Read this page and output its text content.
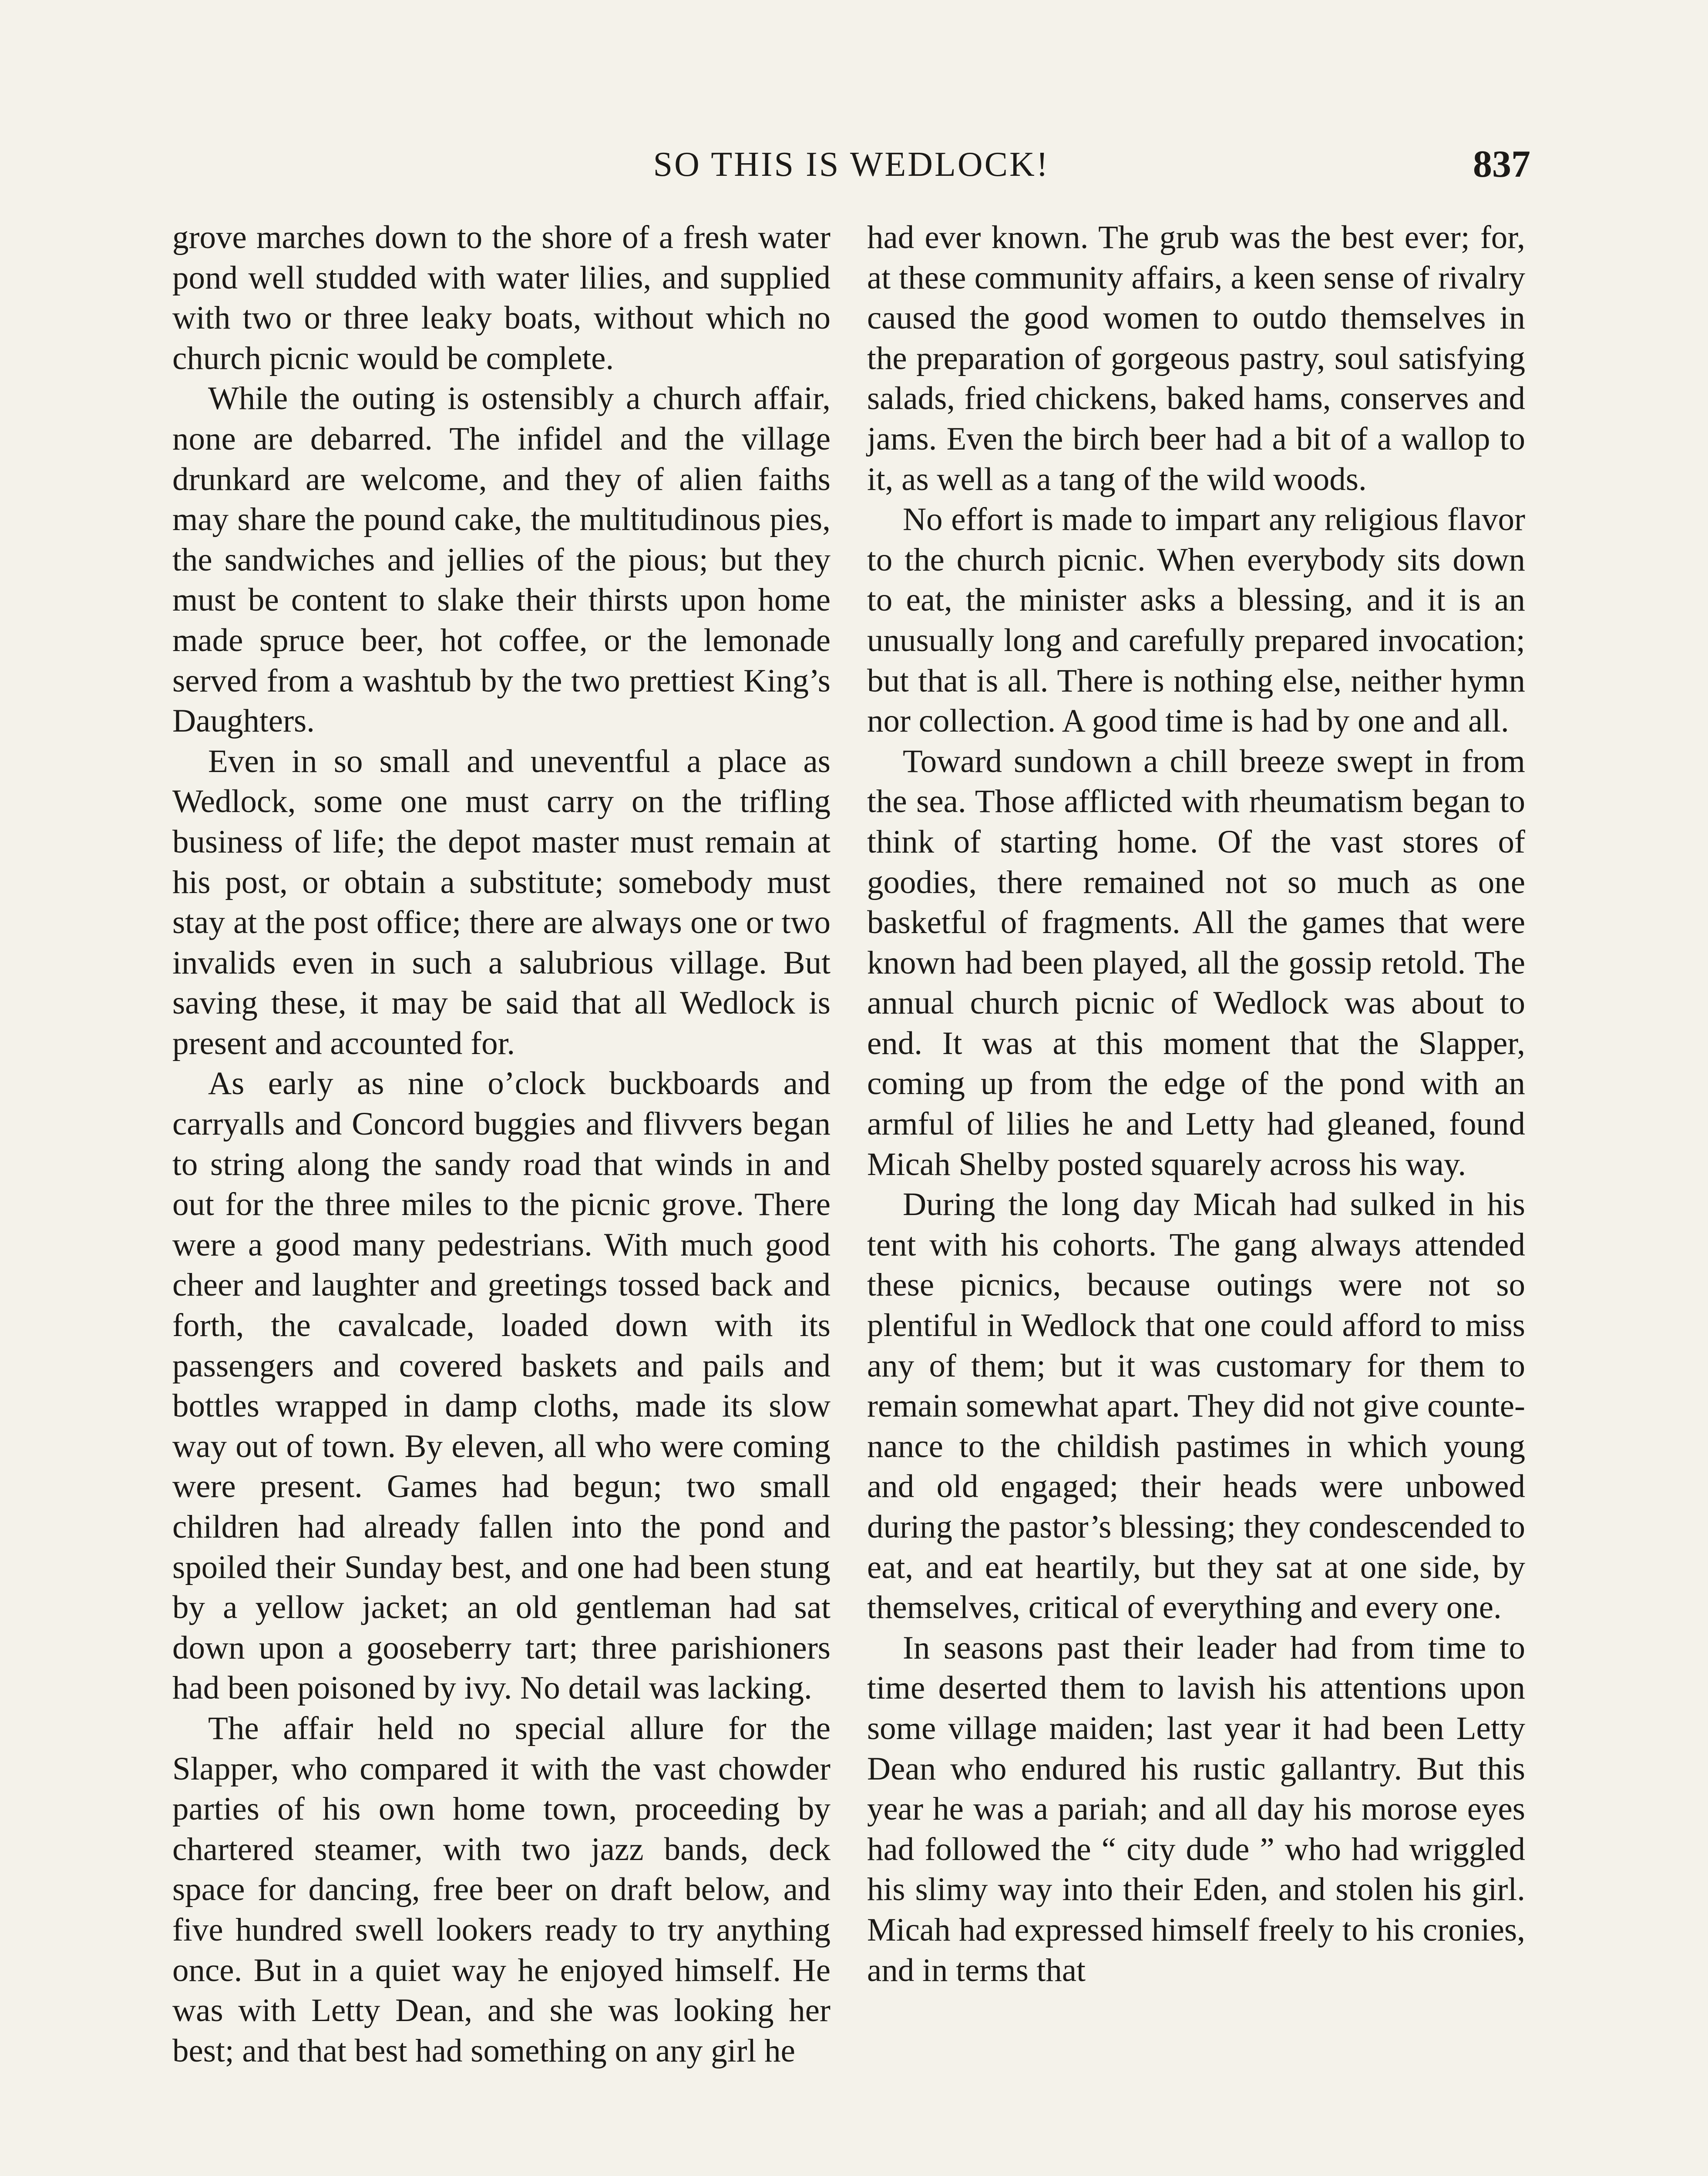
SO THIS IS WEDLOCK!	837

grove marches down to the shore of a fresh water pond well studded with water lilies, and supplied with two or three leaky boats, without which no church picnic would be complete.

While the outing is ostensibly a church affair, none are debarred. The infidel and the village drunkard are welcome, and they of alien faiths may share the pound cake, the multitudinous pies, the sandwiches and jellies of the pious; but they must be content to slake their thirsts upon home made spruce beer, hot coffee, or the lemonade served from a washtub by the two prettiest King’s Daughters.

Even in so small and uneventful a place as Wedlock, some one must carry on the trifling business of life; the depot master must remain at his post, or obtain a substitute; somebody must stay at the post office; there are always one or two invalids even in such a salubrious village. But saving these, it may be said that all Wedlock is present and accounted for.

As early as nine o’clock buckboards and carryalls and Concord buggies and flivvers began to string along the sandy road that winds in and out for the three miles to the picnic grove. There were a good many pedestrians. With much good cheer and laughter and greetings tossed back and forth, the cavalcade, loaded down with its passengers and covered baskets and pails and bottles wrapped in damp cloths, made its slow way out of town. By eleven, all who were coming were present. Games had begun; two small children had already fallen into the pond and spoiled their Sunday best, and one had been stung by a yellow jacket; an old gentleman had sat down upon a gooseberry tart; three parishioners had been poisoned by ivy. No detail was lacking.

The affair held no special allure for the Slapper, who compared it with the vast chowder parties of his own home town, proceeding by chartered steamer, with two jazz bands, deck space for dancing, free beer on draft below, and five hundred swell lookers ready to try anything once. But in a quiet way he enjoyed himself. He was with Letty Dean, and she was looking her best; and that best had something on any girl he

had ever known. The grub was the best ever; for, at these community affairs, a keen sense of rivalry caused the good women to outdo themselves in the preparation of gorgeous pastry, soul satisfying salads, fried chickens, baked hams, conserves and jams. Even the birch beer had a bit of a wallop to it, as well as a tang of the wild woods.

No effort is made to impart any religious flavor to the church picnic. When everybody sits down to eat, the minister asks a blessing, and it is an unusually long and carefully prepared invocation; but that is all. There is nothing else, neither hymn nor collection. A good time is had by one and all.

Toward sundown a chill breeze swept in from the sea. Those afflicted with rheumatism began to think of starting home. Of the vast stores of goodies, there remained not so much as one basketful of fragments. All the games that were known had been played, all the gossip retold. The annual church picnic of Wedlock was about to end. It was at this moment that the Slapper, coming up from the edge of the pond with an armful of lilies he and Letty had gleaned, found Micah Shelby posted squarely across his way.

During the long day Micah had sulked in his tent with his cohorts. The gang always attended these picnics, because outings were not so plentiful in Wedlock that one could afford to miss any of them; but it was customary for them to remain somewhat apart. They did not give countenance to the childish pastimes in which young and old engaged; their heads were unbowed during the pastor’s blessing; they condescended to eat, and eat heartily, but they sat at one side, by themselves, critical of everything and every one.

In seasons past their leader had from time to time deserted them to lavish his attentions upon some village maiden; last year it had been Letty Dean who endured his rustic gallantry. But this year he was a pariah; and all day his morose eyes had followed the “ city dude ” who had wriggled his slimy way into their Eden, and stolen his girl. Micah had expressed himself freely to his cronies, and in terms that
